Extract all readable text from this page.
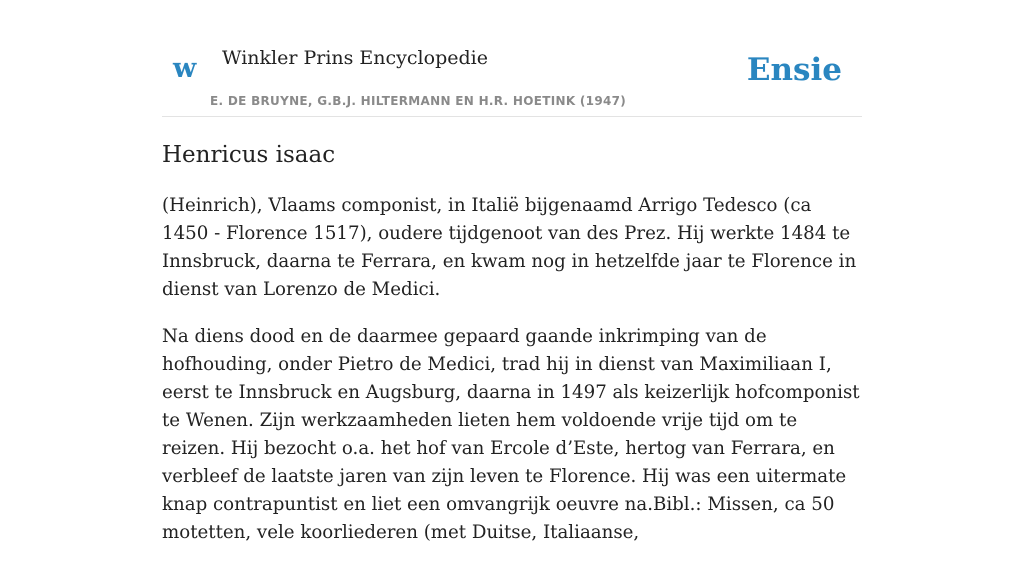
w Winkler Prins Encyclopedie
E. DE BRUYNE, G.B.J. HILTERMANN EN H.R. HOETINK (1947)
Ensie
Henricus isaac

(Heinrich), Vlaams componist, in Italië bijgenaamd Arrigo Tedesco (ca 1450 - Florence 1517), oudere tijdgenoot van des Prez. Hij werkte 1484 te Innsbruck, daarna te Ferrara, en kwam nog in hetzelfde jaar te Florence in dienst van Lorenzo de Medici.

Na diens dood en de daarmee gepaard gaande inkrimping van de hofhouding, onder Pietro de Medici, trad hij in dienst van Maximiliaan I, eerst te Innsbruck en Augsburg, daarna in 1497 als keizerlijk hofcomponist te Wenen. Zijn werkzaamheden lieten hem voldoende vrije tijd om te reizen. Hij bezocht o.a. het hof van Ercole d’Este, hertog van Ferrara, en verbleef de laatste jaren van zijn leven te Florence. Hij was een uitermate knap contrapuntist en liet een omvangrijk oeuvre na.Bibl.: Missen, ca 50 motetten, vele koorliederen (met Duitse, Italiaanse,
